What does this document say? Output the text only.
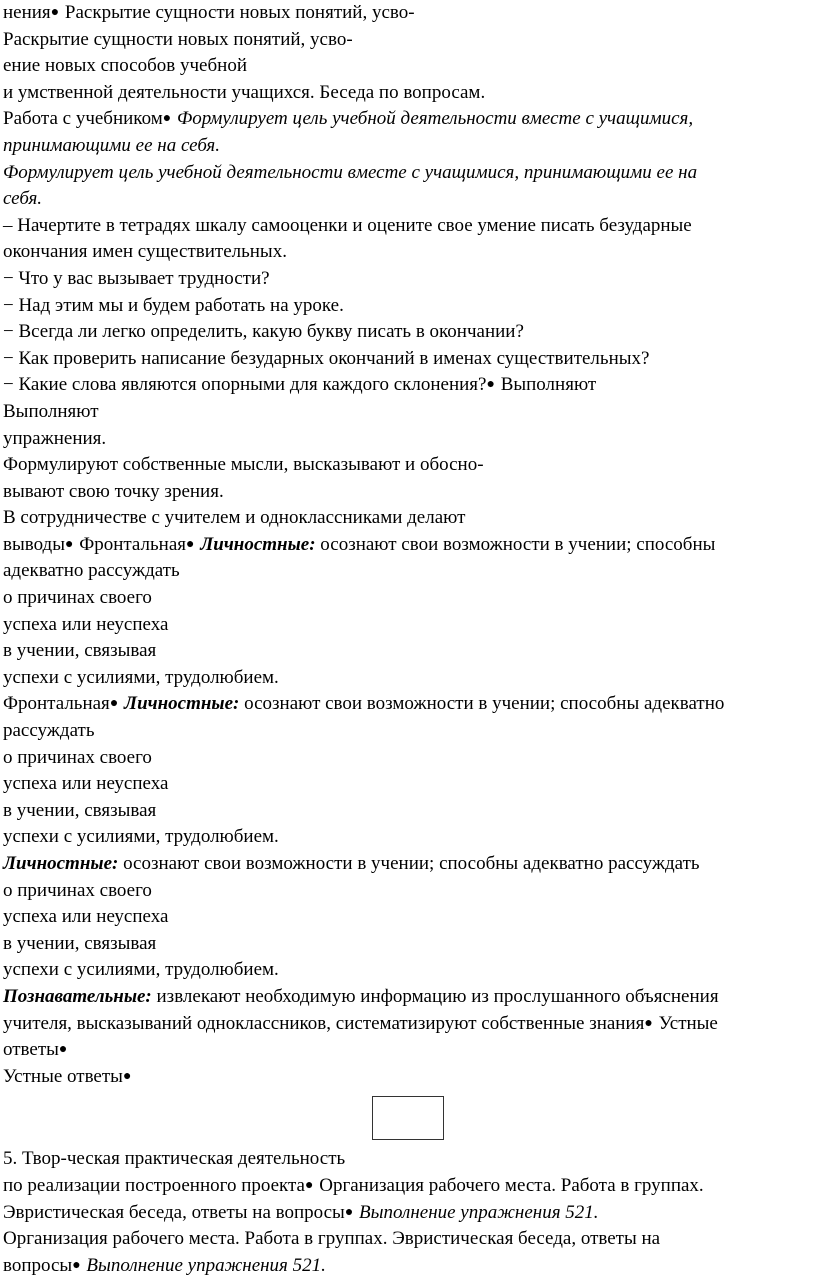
нения● Раскрытие сущности новых понятий, усво-
Раскрытие сущности новых понятий, усво-
ение новых способов учебной
и умственной деятельности учащихся. Беседа по вопросам.
Работа с учебником● Формулирует цель учебной деятельности вместе с учащимися,
принимающими ее на себя.
Формулирует цель учебной деятельности вместе с учащимися, принимающими ее на
себя.
– Начертите в тетрадях шкалу самооценки и оцените свое умение писать безударные
окончания имен существительных.
− Что у вас вызывает трудности?
− Над этим мы и будем работать на уроке.
− Всегда ли легко определить, какую букву писать в окончании?
− Как проверить написание безударных окончаний в именах существительных?
− Какие слова являются опорными для каждого склонения?● Выполняют
Выполняют
упражнения.
Формулируют собственные мысли, высказывают и обосно-
вывают свою точку зрения.
В сотрудничестве с учителем и одноклассниками делают
выводы● Фронтальная● Личностные: осознают свои возможности в учении; способны
адекватно рассуждать
о причинах своего
успеха или неуспеха
в учении, связывая
успехи с усилиями, трудолюбием.
Фронтальная● Личностные: осознают свои возможности в учении; способны адекватно
рассуждать
о причинах своего
успеха или неуспеха
в учении, связывая
успехи с усилиями, трудолюбием.
Личностные: осознают свои возможности в учении; способны адекватно рассуждать
о причинах своего
успеха или неуспеха
в учении, связывая
успехи с усилиями, трудолюбием.
Познавательные: извлекают необходимую информацию из прослушанного объяснения
учителя, высказываний одноклассников, систематизируют собственные знания● Устные
ответы●
Устные ответы●
5. Твор-ческая практическая деятельность
по реализации построенного проекта● Организация рабочего места. Работа в группах.
Эвристическая беседа, ответы на вопросы● Выполнение упражнения 521.
Организация рабочего места. Работа в группах. Эвристическая беседа, ответы на
вопросы● Выполнение упражнения 521.
